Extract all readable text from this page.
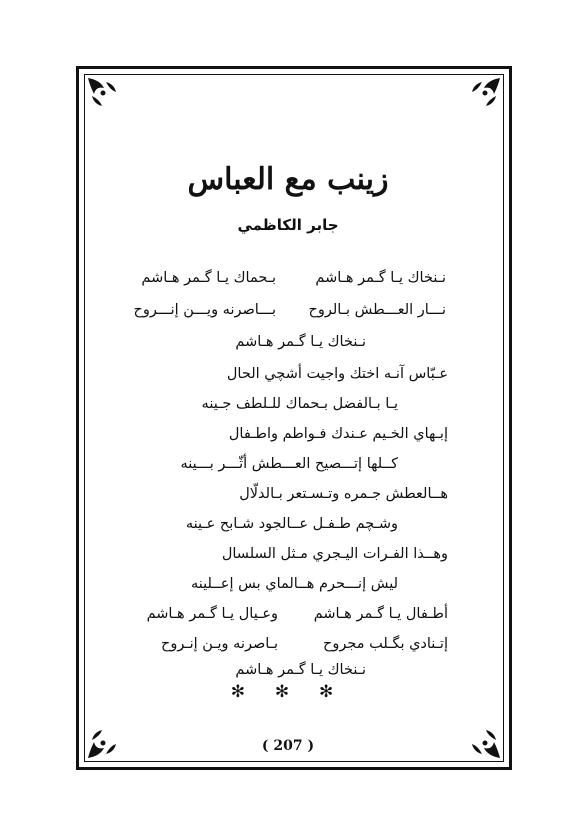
زينب مع العباس
جابر الكاظمي
نـنخاك يـا گـمر هـاشم
بـحماك يـا گـمر هـاشم
نـــار العـــطش بـالروح
بـــاصرنه ويـــن إنـــروح
نـنخاك يـا گـمر هـاشم
عـبّاس آنـه اختك واجيت أشچي الحال
يـا بـالفضل بـحماك للـلطف جـينه
إبـهاي الخـيم عـندك فـواطم واطـفال
كــلها إتـــصيح العـــطش أثّـــر بـــينه
هــالعطش جـمره وتـسـتعر بـالدلّال
وشـچم طـفـل عــالجود شـابح عـينه
وهــذا الفـرات اليـجري مـثل السلسال
ليش إنـــحرم هــالماي بس إعــلينه
أطـفال يـا گـمر هـاشم
وعـيال يـا گـمر هـاشم
إتـنادي بگـلب مجروح
بـاصرنه ويـن إنـروح
نـنخاك يـا گـمر هـاشم
✻ ✻ ✻
( 207 )
